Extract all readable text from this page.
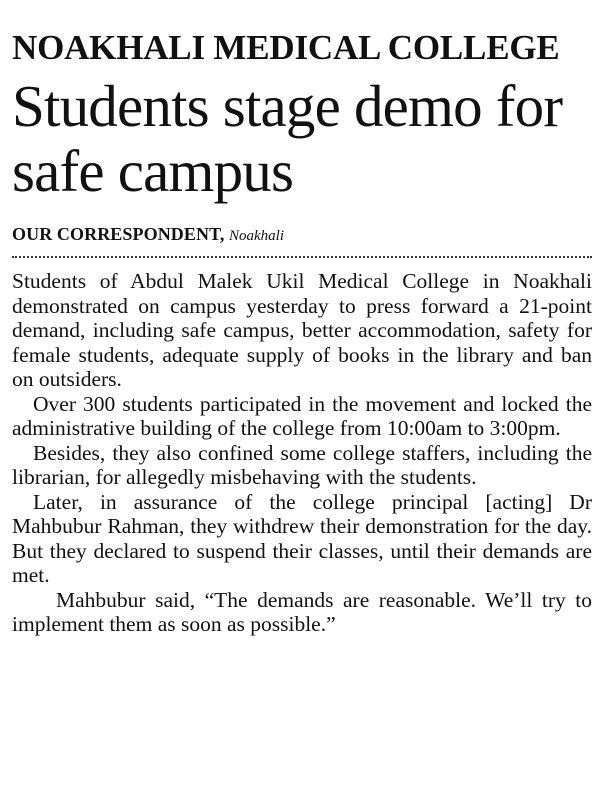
NOAKHALI MEDICAL COLLEGE
Students stage demo for safe campus
OUR CORRESPONDENT, Noakhali

Students of Abdul Malek Ukil Medical College in Noakhali demonstrated on campus yesterday to press forward a 21-point demand, including safe campus, better accommodation, safety for female students, adequate supply of books in the library and ban on outsiders.

Over 300 students participated in the movement and locked the administrative building of the college from 10:00am to 3:00pm.

Besides, they also confined some college staffers, including the librarian, for allegedly misbehaving with the students.

Later, in assurance of the college principal [acting] Dr Mahbubur Rahman, they withdrew their demonstration for the day. But they declared to suspend their classes, until their demands are met.

Mahbubur said, “The demands are reasonable. We’ll try to implement them as soon as possible.”
